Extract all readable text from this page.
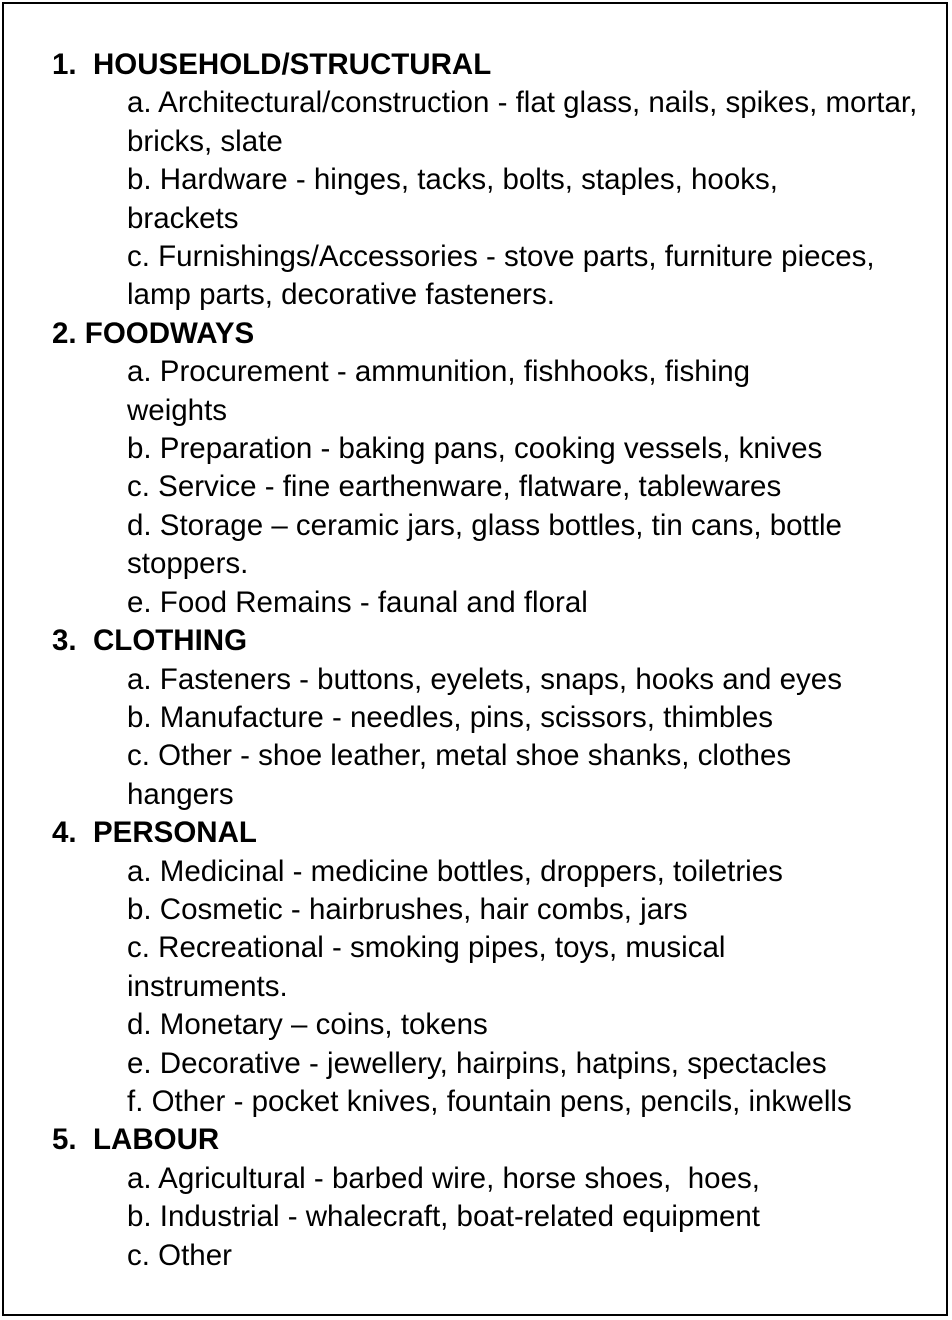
1.  HOUSEHOLD/STRUCTURAL
a. Architectural/construction - flat glass, nails, spikes, mortar, bricks, slate
b. Hardware - hinges, tacks, bolts, staples, hooks, brackets
c. Furnishings/Accessories - stove parts, furniture pieces, lamp parts, decorative fasteners.
2. FOODWAYS
a. Procurement - ammunition, fishhooks, fishing weights
b. Preparation - baking pans, cooking vessels, knives
c. Service - fine earthenware, flatware, tablewares
d. Storage – ceramic jars, glass bottles, tin cans, bottle stoppers.
e. Food Remains - faunal and floral
3.  CLOTHING
a. Fasteners - buttons, eyelets, snaps, hooks and eyes
b. Manufacture - needles, pins, scissors, thimbles
c. Other - shoe leather, metal shoe shanks, clothes hangers
4.  PERSONAL
a. Medicinal - medicine bottles, droppers, toiletries
b. Cosmetic - hairbrushes, hair combs, jars
c. Recreational - smoking pipes, toys, musical instruments.
d. Monetary – coins, tokens
e. Decorative - jewellery, hairpins, hatpins, spectacles
f. Other - pocket knives, fountain pens, pencils, inkwells
5.  LABOUR
a. Agricultural - barbed wire, horse shoes,  hoes,
b. Industrial - whalecraft, boat-related equipment
c. Other
